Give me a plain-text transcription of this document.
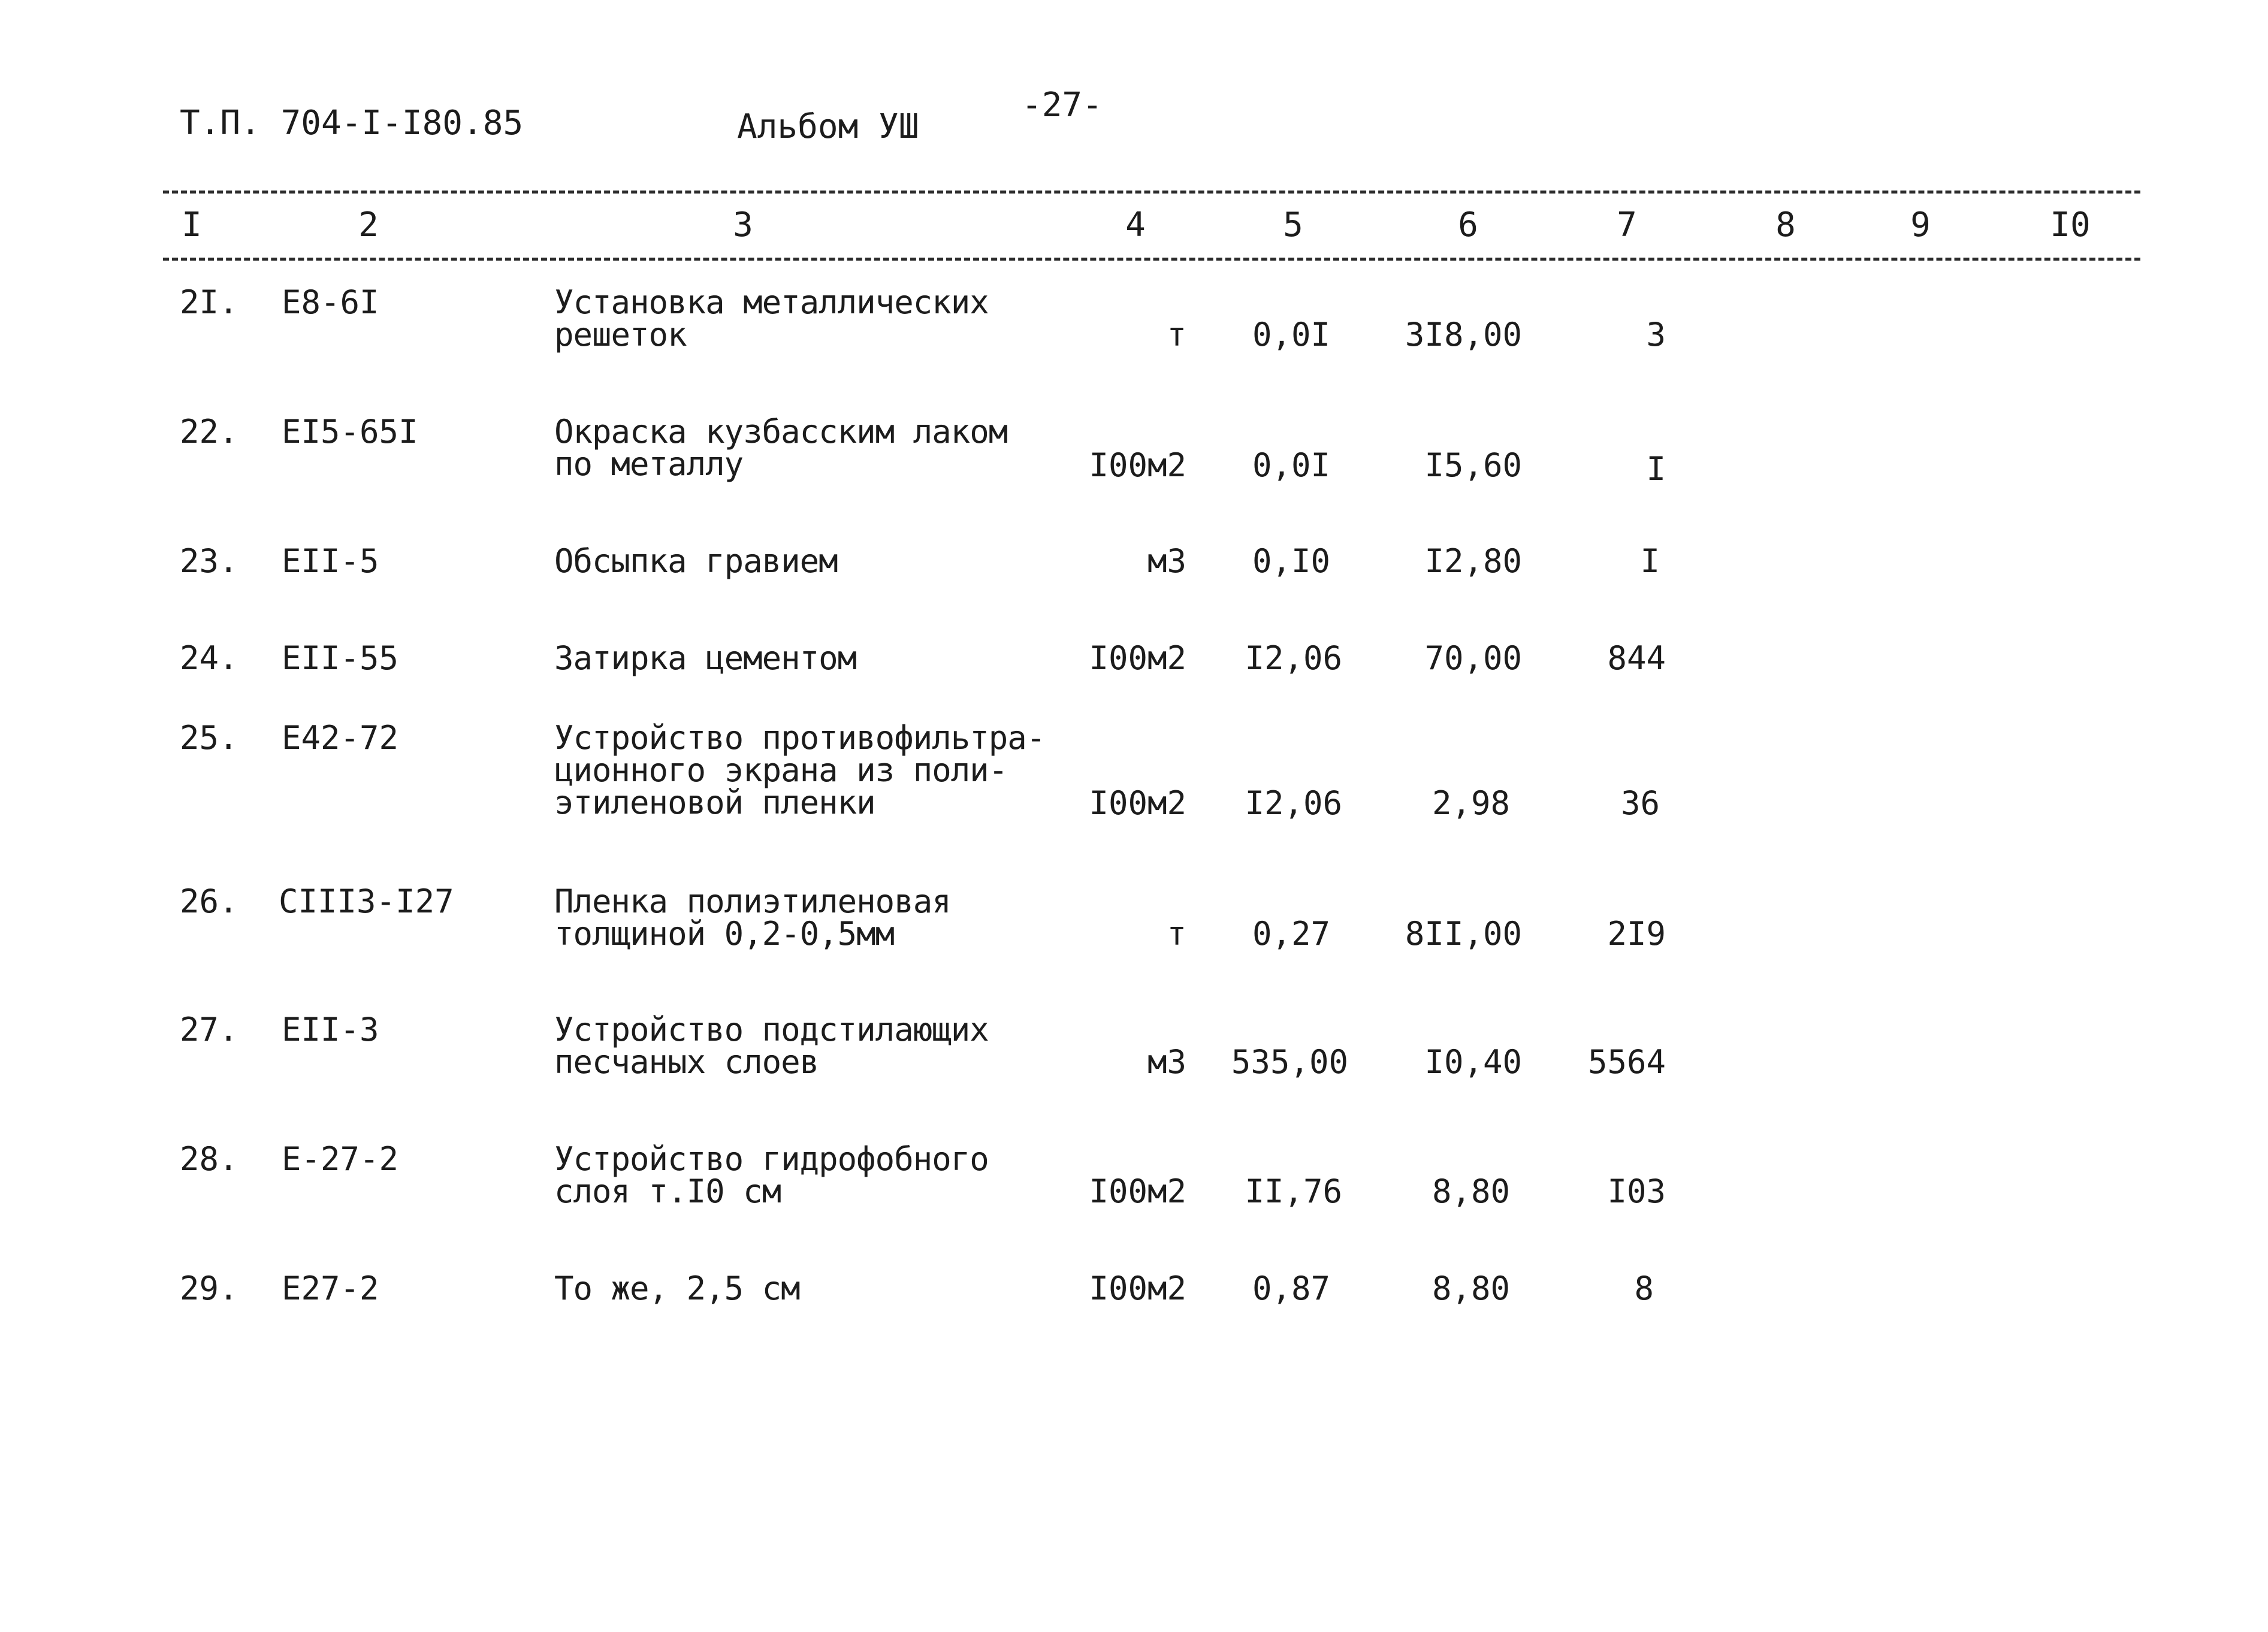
Т.П. 704-I-I80.85	Альбом УШ
-27-
I	2	3	4	5	6	7	8	9	I0
2I. Е8-6I	Установка металлических
решеток	т	0,0I	3I8,00	3
22. ЕI5-65I	Окраска кузбасским лаком
по металлу	I00м2	0,0I	I5,60	I
23. ЕII-5	Обсыпка гравием	м3	0,I0	I2,80	I
24. ЕII-55	Затирка цементом	I00м2	I2,06	70,00	844
25. Е42-72	Устройство противофильтра-
ционного экрана из поли-
этиленовой пленки	I00м2	I2,06	2,98	36
26. СIII3-I27	Пленка полиэтиленовая
толщиной 0,2-0,5мм	т	0,27	8II,00	2I9
27. ЕII-3	Устройство подстилающих
песчаных слоев	м3	535,00	I0,40	5564
28. Е-27-2	Устройство гидрофобного
слоя т.I0 см	I00м2	II,76	8,80	I03
29. Е27-2	То же, 2,5 см	I00м2	0,87	8,80	8
